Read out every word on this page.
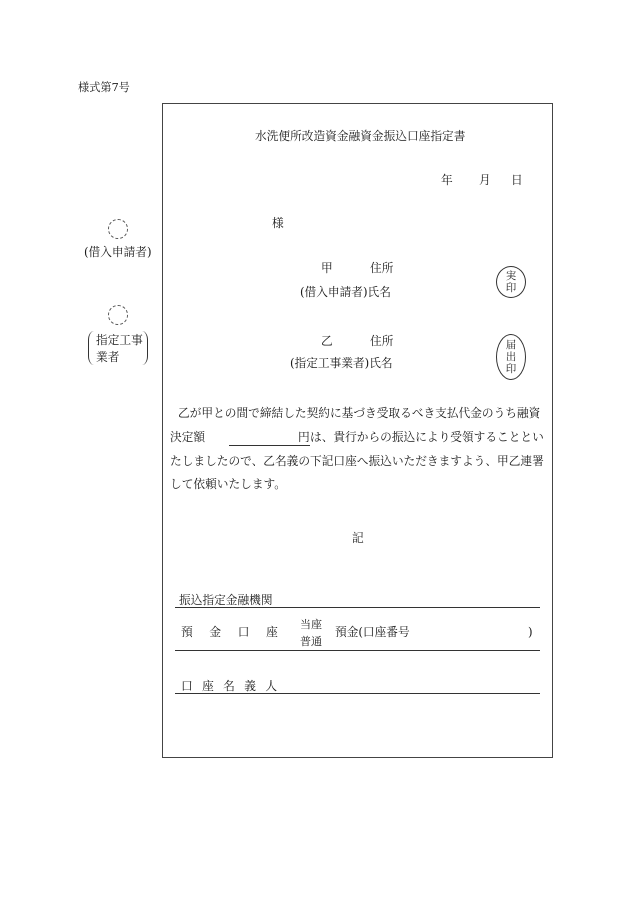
様式第7号
(借入申請者)
指定工事
業者
水洗便所改造資金融資金振込口座指定書
年 月 日
様
甲	住所
(借入申請者)氏名
実
印
乙	住所
(指定工事業者)氏名
届
出
印
乙が甲との間で締結した契約に基づき受取るべき支払代金のうち融資
決定額	円 は、貴行からの振込により受領することとい
たしましたので、乙名義の下記口座へ振込いただきますよう、甲乙連署
して依頼いたします。
記
振込指定金融機関
預金口座
当座
普通
預金(口座番号	)
口座名義人
